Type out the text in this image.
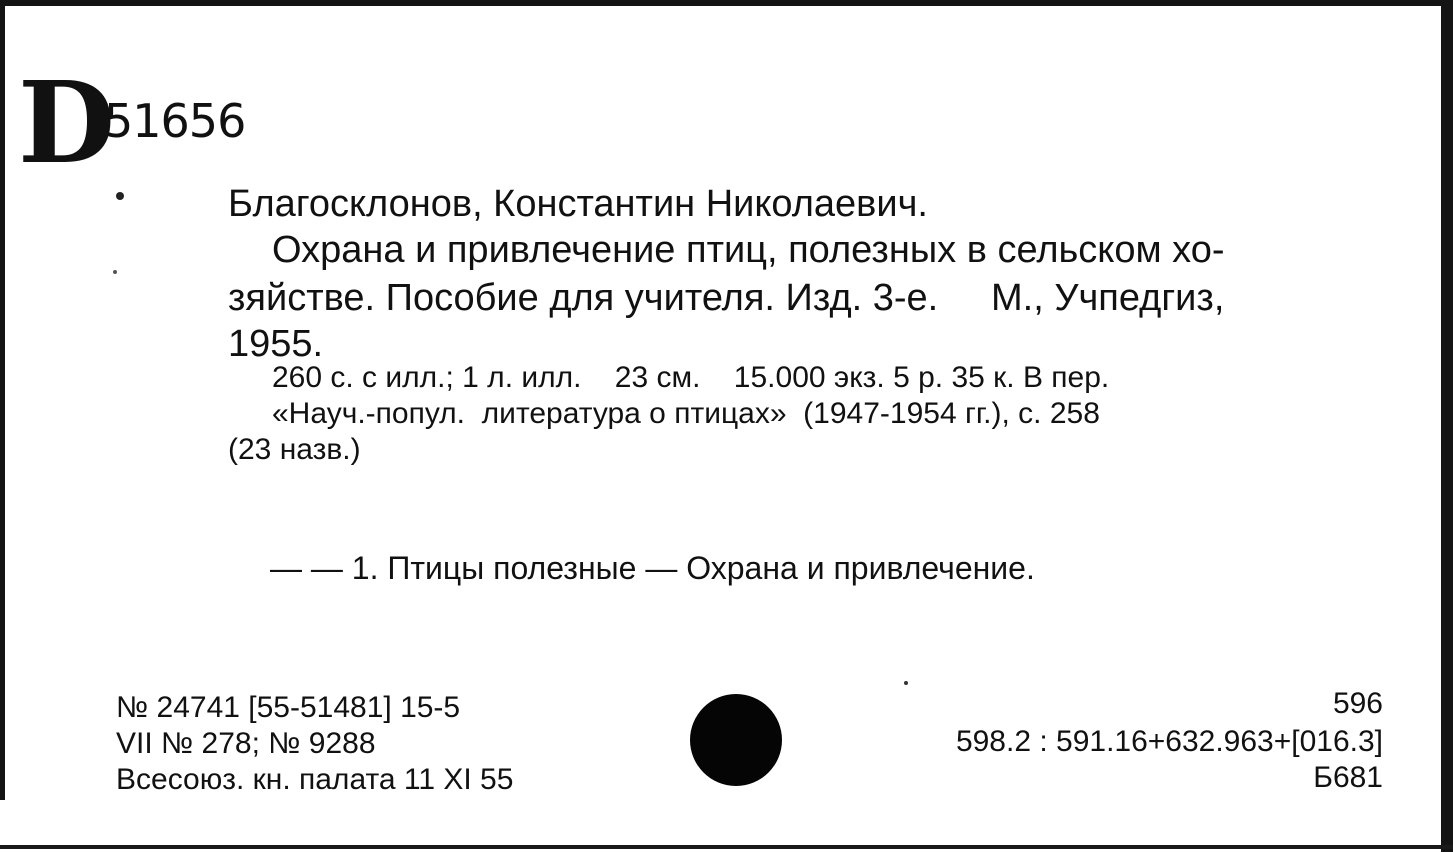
D
51656
Благосклонов, Константин Николаевич.
Охрана и привлечение птиц, полезных в сельском хо-
зяйстве. Пособие для учителя. Изд. 3-е.     М., Учпедгиз,
1955.
260 с. с илл.; 1 л. илл.    23 см.    15.000 экз. 5 р. 35 к. В пер.
«Науч.-попул.  литература о птицах»  (1947-1954 гг.), с. 258
(23 назв.)
— — 1. Птицы полезные — Охрана и привлечение.
№ 24741 [55-51481] 15-5
VII № 278; № 9288
Всесоюз. кн. палата 11 XI 55
596
598.2 : 591.16+632.963+[016.3]
Б681
